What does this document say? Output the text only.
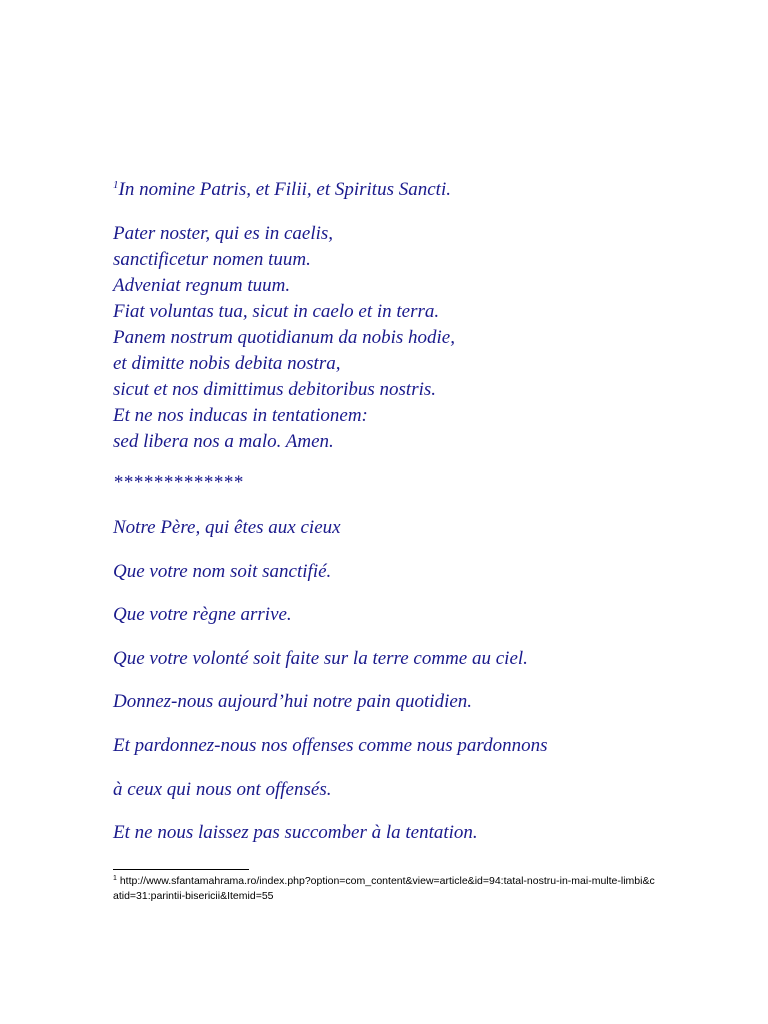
$^1$In nomine Patris, et Filii, et Spiritus Sancti.

Pater noster, qui es in caelis,
sanctificetur nomen tuum.
Adveniat regnum tuum.
Fiat voluntas tua, sicut in caelo et in terra.
Panem nostrum quotidianum da nobis hodie,
et dimitte nobis debita nostra,
sicut et nos dimittimus debitoribus nostris.
Et ne nos inducas in tentationem:
sed libera nos a malo. Amen.

*************

Notre Père, qui êtes aux cieux
Que votre nom soit sanctifié.
Que votre règne arrive.
Que votre volonté soit faite sur la terre comme au ciel.
Donnez-nous aujourd’hui notre pain quotidien.
Et pardonnez-nous nos offenses comme nous pardonnons
à ceux qui nous ont offensés.
Et ne nous laissez pas succomber à la tentation.

$^1$ http://www.sfantamahrama.ro/index.php?option=com_content&view=article&id=94:tatal-nostru-in-mai-multe-limbi&catid=31:parintii-bisericii&Itemid=55
